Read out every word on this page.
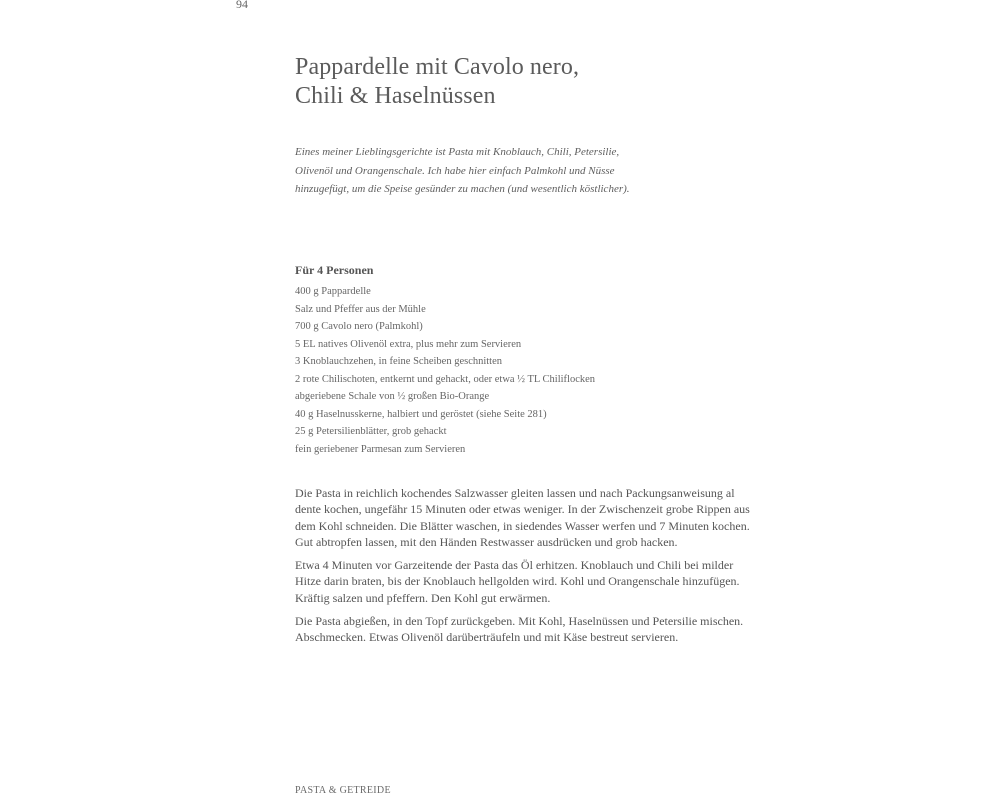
94
Pappardelle mit Cavolo nero,
Chili & Haselnüssen

Eines meiner Lieblingsgerichte ist Pasta mit Knoblauch, Chili, Petersilie,
Olivenöl und Orangenschale. Ich habe hier einfach Palmkohl und Nüsse
hinzugefügt, um die Speise gesünder zu machen (und wesentlich köstlicher).

Für 4 Personen
400 g Pappardelle
Salz und Pfeffer aus der Mühle
700 g Cavolo nero (Palmkohl)
5 EL natives Olivenöl extra, plus mehr zum Servieren
3 Knoblauchzehen, in feine Scheiben geschnitten
2 rote Chilischoten, entkernt und gehackt, oder etwa ½ TL Chiliflocken
abgeriebene Schale von ½ großen Bio-Orange
40 g Haselnusskerne, halbiert und geröstet (siehe Seite 281)
25 g Petersilienblätter, grob gehackt
fein geriebener Parmesan zum Servieren

Die Pasta in reichlich kochendes Salzwasser gleiten lassen und nach Packungsanweisung al
dente kochen, ungefähr 15 Minuten oder etwas weniger. In der Zwischenzeit grobe Rippen aus
dem Kohl schneiden. Die Blätter waschen, in siedendes Wasser werfen und 7 Minuten kochen.
Gut abtropfen lassen, mit den Händen Restwasser ausdrücken und grob hacken.

Etwa 4 Minuten vor Garzeitende der Pasta das Öl erhitzen. Knoblauch und Chili bei milder
Hitze darin braten, bis der Knoblauch hellgolden wird. Kohl und Orangenschale hinzufügen.
Kräftig salzen und pfeffern. Den Kohl gut erwärmen.

Die Pasta abgießen, in den Topf zurückgeben. Mit Kohl, Haselnüssen und Petersilie mischen.
Abschmecken. Etwas Olivenöl darüberträufeln und mit Käse bestreut servieren.

PASTA & GETREIDE
